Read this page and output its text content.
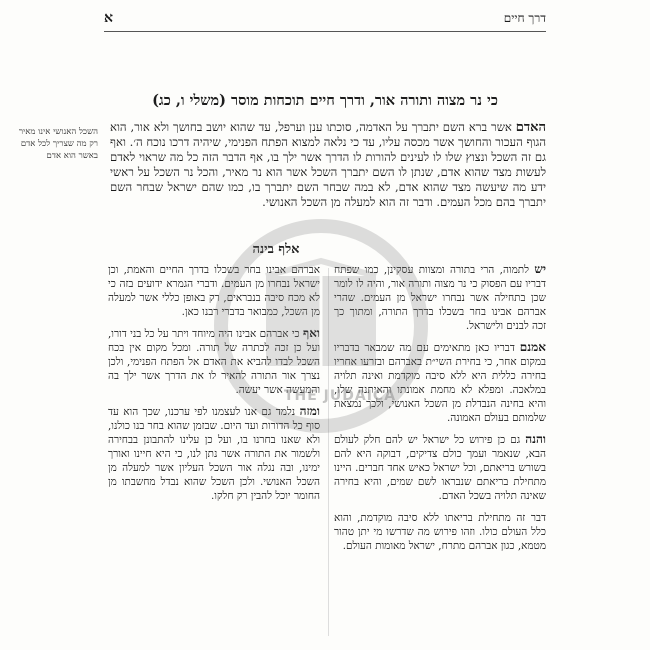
דרך חיים
א
כי נר מצוה ותורה אור, ודרך חיים תוכחות מוסר (משלי ו, כג)
השכל האנושי אינו מאיר רק מה שצריך לכל אדם באשר הוא אדם
האדם אשר ברא השם יתברך על האדמה, סוכתו ענן וערפל, עד שהוא יושב בחושך ולא אור, הוא הגוף העכור והחושך אשר מכסה עליו, עד כי נלאה למצוא הפתח הפנימי, שיהיה דרכו נוכח ה׳. ואף גם זה השכל ונצוץ שלו לו לעינים להורות לו הדרך אשר ילך בו, אף הדבר הזה כל מה שראוי לאדם לעשות מצד שהוא אדם, שנתן לו השם יתברך השכל אשר הוא נר מאיר, והכל נר השכל על ראשי ידע מה שיעשה מצד שהוא אדם, לא במה שבחר השם יתברך בו, כמו שהם ישראל שבחר השם יתברך בהם מכל העמים. ודבר זה הוא למעלה מן השכל האנושי.
אלף בינה

יש לתמוה, הרי בתורה ומצוות עסקינן, כמו שפתח דבריו עם הפסוק כי נר מצוה ותורה אור, והיה לו לומר שכן בתחילה אשר נבחרו ישראל מן העמים. שהרי אברהם אבינו בחר בשכלו בדרך התורה, ומתוך כך זכה לבנים ולישראל.

אמנם דבריו כאן מתאימים עם מה שמבאר בדבריו במקום אחר, כי בחירת השי״ת באברהם ובזרעו אחריו בחירה כללית היא ללא סיבה מוקדמת ואינה תלויה במלאכה. ומפלא לא מחמת אמונתו והאיתנה שלו, והיא בחינה הנבדלת מן השכל האנושי, ולכך נמצאת שלמותם בעולם האמונה.

והנה גם כן פירוש כל ישראל יש להם חלק לעולם הבא, שנאמר ועמך כולם צדיקים, דבוקה היא להם בשורש בריאתם, וכל ישראל כאיש אחד חברים. היינו מתחילת בריאתם שנבראו לשם שמים, והיא בחירה שאינה תלויה בשכל האדם.

דבר זה מתחילת בריאתו ללא סיבה מוקדמת, והוא כלל העולם כולו. וזהו פירוש מה שדרשו מי יתן טהור מטמא, כגון אברהם מתרח, ישראל מאומות העולם.

אברהם אבינו בחר בשכלו בדרך החיים והאמת, וכן ישראל נבחרו מן העמים. ודברי הגמרא ידועים בזה כי לא מכח סיבה בנבראים, רק באופן כללי אשר למעלה מן השכל, כמבואר בדברי רבנו כאן.

ואף כי אברהם אבינו היה מיוחד ויתר על כל בני דורו, ועל כן זכה לכתרה של תורה. ומכל מקום אין בכח השכל לבדו להביא את האדם אל הפתח הפנימי, ולכן נצרך אור התורה להאיר לו את הדרך אשר ילך בה והמעשה אשר יעשה.

ומזה נלמד גם אנו לעצמנו לפי ערכנו, שכך הוא עד סוף כל הדורות ועד היום. שבזמן שהוא בחר בנו כולנו, ולא שאנו בחרנו בו, ועל כן עלינו להתבונן בבחירה ולשמור את התורה אשר נתן לנו, כי היא חיינו ואורך ימינו, ובה נגלה אור השכל העליון אשר למעלה מן השכל האנושי. ולכן השכל שהוא נבדל מחשבתו מן החומר יוכל להבין רק חלקו.

THE JUDAICA
